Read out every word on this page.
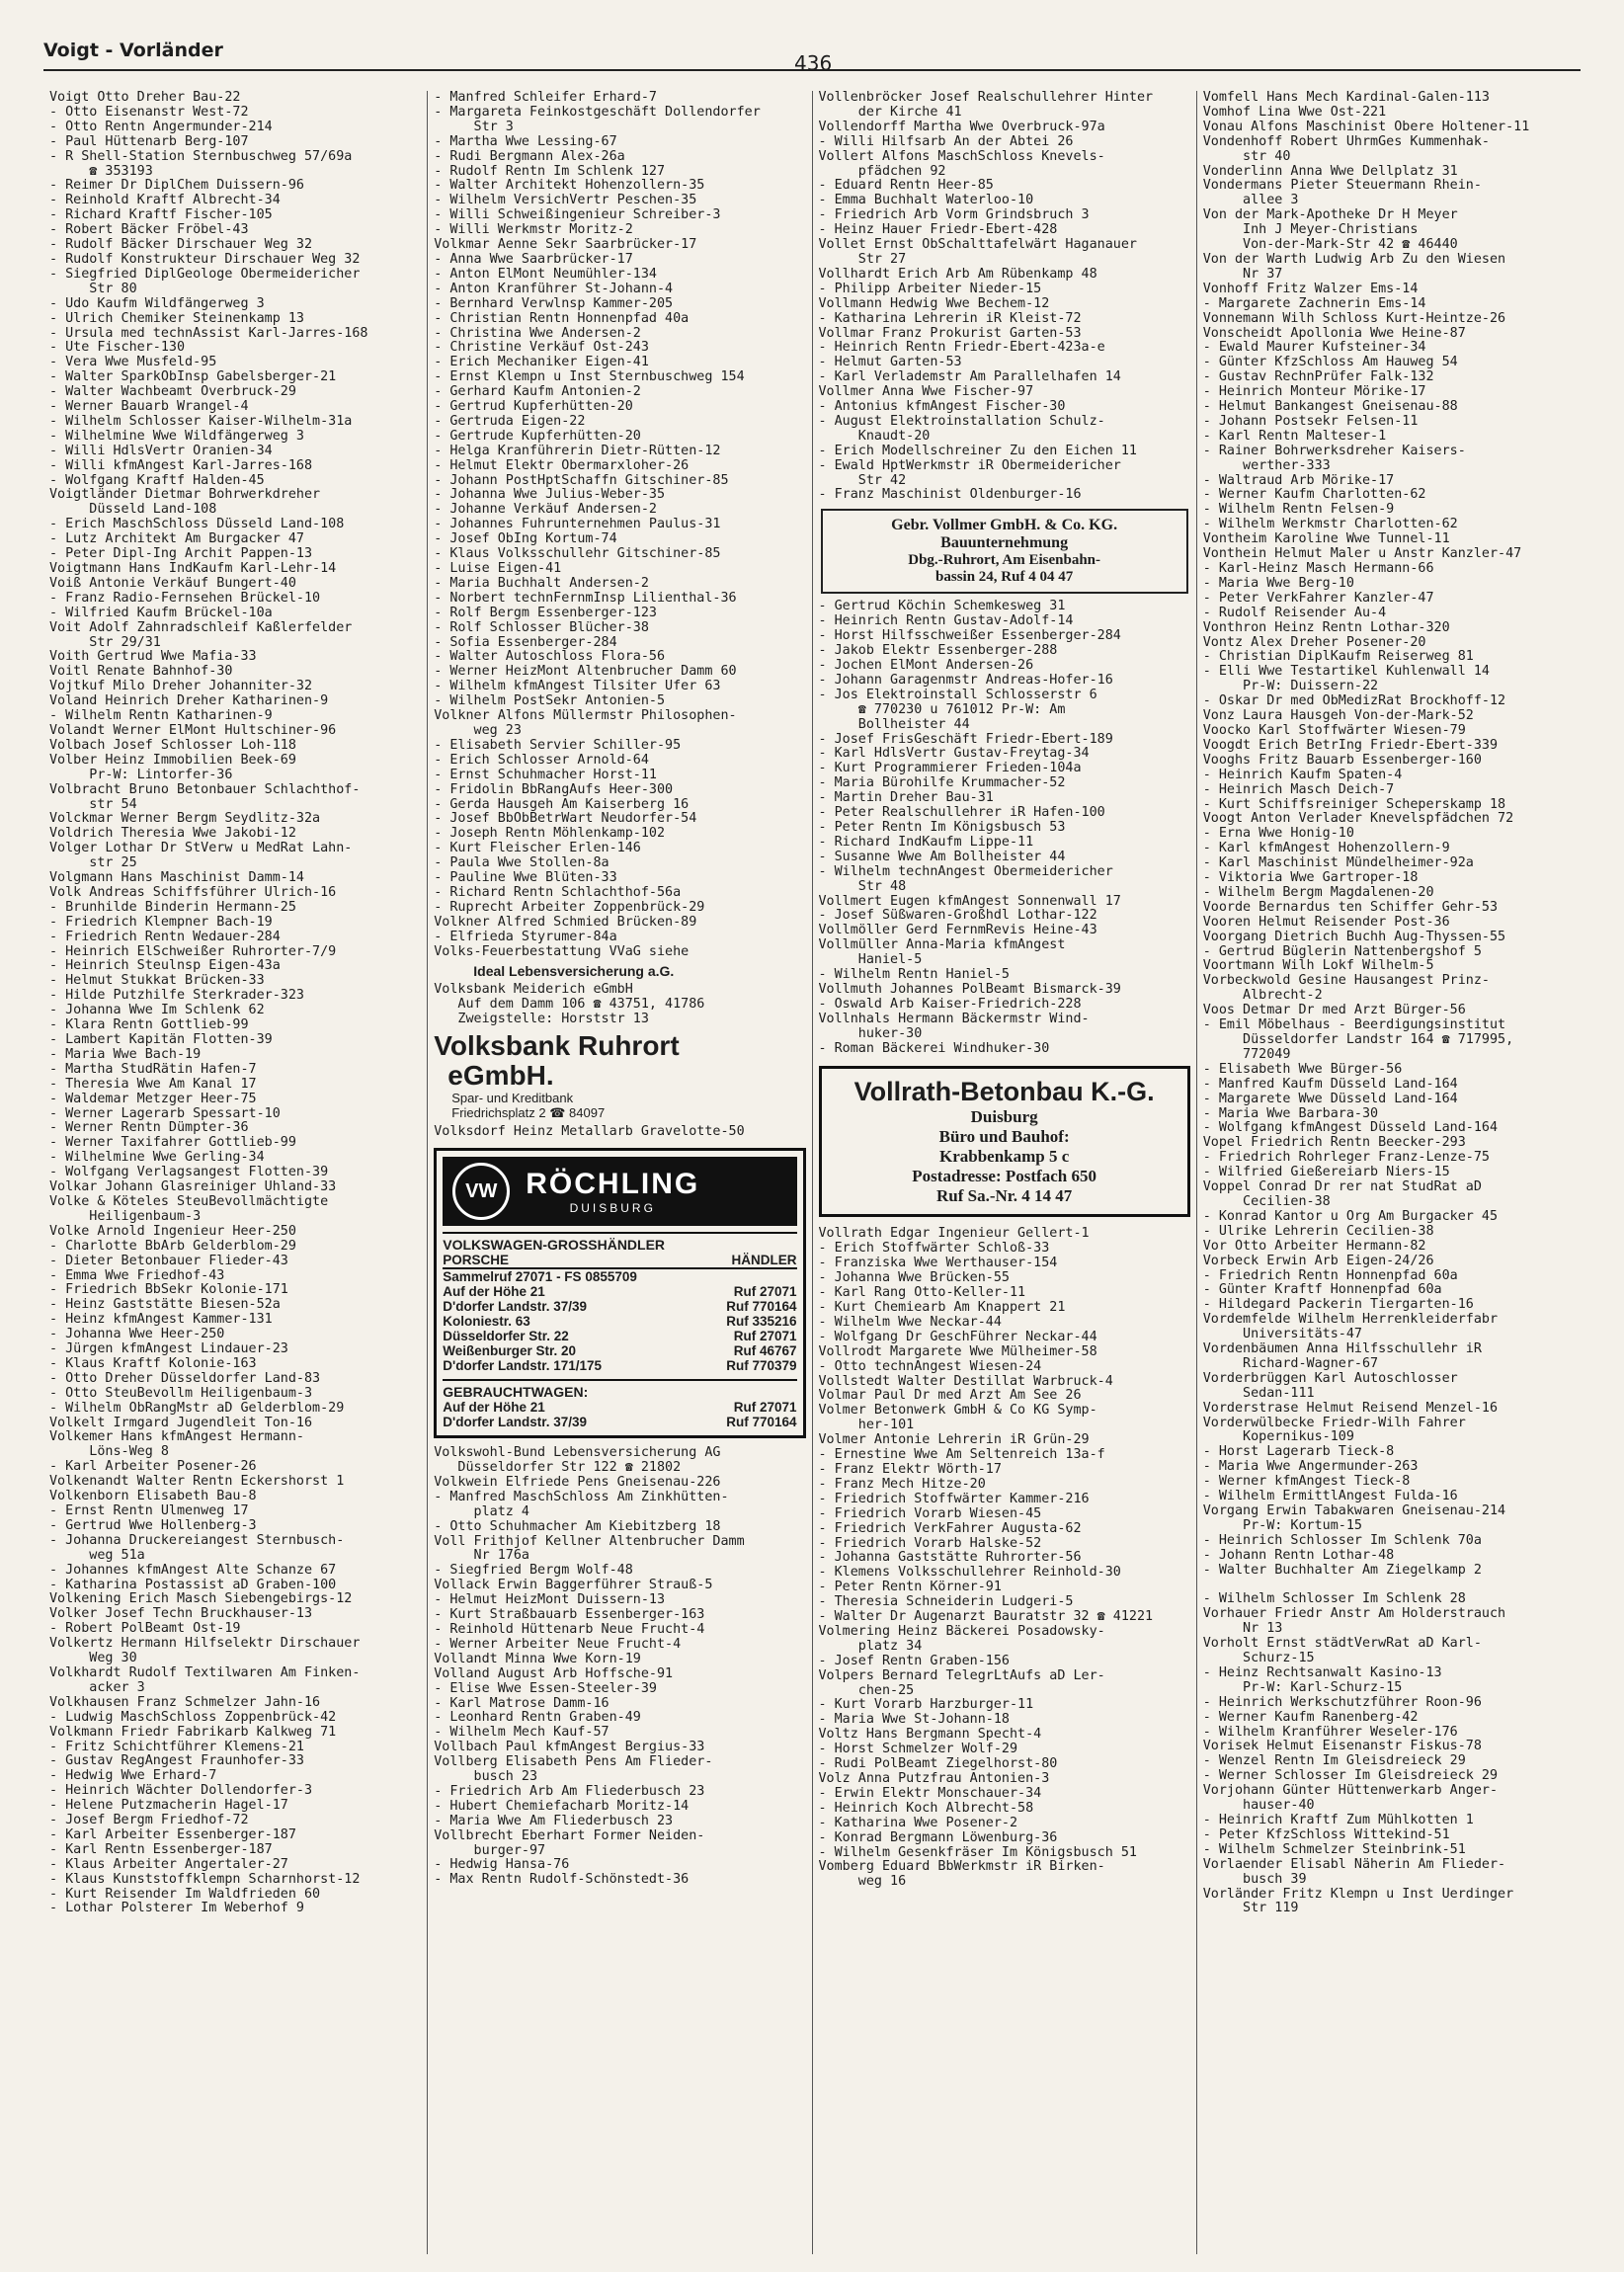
Voigt - Vorländer
436
Voigt Otto Dreher Bau-22
- Otto Eisenanstr West-72
- Otto Rentn Angermunder-214
- Paul Hüttenarb Berg-107
- R Shell-Station Sternbuschweg 57/69a
☎ 353193
- Reimer Dr DiplChem Duissern-96
- Reinhold Kraftf Albrecht-34
- Richard Kraftf Fischer-105
- Robert Bäcker Fröbel-43
- Rudolf Bäcker Dirschauer Weg 32
- Rudolf Konstrukteur Dirschauer Weg 32
- Siegfried DiplGeologe Obermeidericher
Str 80
- Udo Kaufm Wildfängerweg 3
- Ulrich Chemiker Steinenkamp 13
- Ursula med technAssist Karl-Jarres-168
- Ute Fischer-130
- Vera Wwe Musfeld-95
- Walter SparkObInsp Gabelsberger-21
- Walter Wachbeamt Overbruck-29
- Werner Bauarb Wrangel-4
- Wilhelm Schlosser Kaiser-Wilhelm-31a
- Wilhelmine Wwe Wildfängerweg 3
- Willi HdlsVertr Oranien-34
- Willi kfmAngest Karl-Jarres-168
- Wolfgang Kraftf Halden-45
Voigtländer Dietmar Bohrwerkdreher
Düsseld Land-108
- Erich MaschSchloss Düsseld Land-108
- Lutz Architekt Am Burgacker 47
- Peter Dipl-Ing Archit Pappen-13
Voigtmann Hans IndKaufm Karl-Lehr-14
Voiß Antonie Verkäuf Bungert-40
- Franz Radio-Fernsehen Brückel-10
- Wilfried Kaufm Brückel-10a
Voit Adolf Zahnradschleif Kaßlerfelder
Str 29/31
Voith Gertrud Wwe Mafia-33
Voitl Renate Bahnhof-30
Vojtkuf Milo Dreher Johanniter-32
Voland Heinrich Dreher Katharinen-9
- Wilhelm Rentn Katharinen-9
Volandt Werner ElMont Hultschiner-96
Volbach Josef Schlosser Loh-118
Volber Heinz Immobilien Beek-69
Pr-W: Lintorfer-36
Volbracht Bruno Betonbauer Schlachthof-
str 54
Volckmar Werner Bergm Seydlitz-32a
Voldrich Theresia Wwe Jakobi-12
Volger Lothar Dr StVerw u MedRat Lahn-
str 25
Volgmann Hans Maschinist Damm-14
Volk Andreas Schiffsführer Ulrich-16
- Brunhilde Binderin Hermann-25
- Friedrich Klempner Bach-19
- Friedrich Rentn Wedauer-284
- Heinrich ElSchweißer Ruhrorter-7/9
- Heinrich Steulnsp Eigen-43a
- Helmut Stukkat Brücken-33
- Hilde Putzhilfe Sterkrader-323
- Johanna Wwe Im Schlenk 62
- Klara Rentn Gottlieb-99
- Lambert Kapitän Flotten-39
- Maria Wwe Bach-19
- Martha StudRätin Hafen-7
- Theresia Wwe Am Kanal 17
- Waldemar Metzger Heer-75
- Werner Lagerarb Spessart-10
- Werner Rentn Dümpter-36
- Werner Taxifahrer Gottlieb-99
- Wilhelmine Wwe Gerling-34
- Wolfgang Verlagsangest Flotten-39
Volkar Johann Glasreiniger Uhland-33
Volke & Köteles SteuBevollmächtigte
Heiligenbaum-3
Volke Arnold Ingenieur Heer-250
- Charlotte BbArb Gelderblom-29
- Dieter Betonbauer Flieder-43
- Emma Wwe Friedhof-43
- Friedrich BbSekr Kolonie-171
- Heinz Gaststätte Biesen-52a
- Heinz kfmAngest Kammer-131
- Johanna Wwe Heer-250
- Jürgen kfmAngest Lindauer-23
- Klaus Kraftf Kolonie-163
- Otto Dreher Düsseldorfer Land-83
- Otto SteuBevollm Heiligenbaum-3
- Wilhelm ObRangMstr aD Gelderblom-29
Volkelt Irmgard Jugendleit Ton-16
Volkemer Hans kfmAngest Hermann-
Löns-Weg 8
- Karl Arbeiter Posener-26
Volkenandt Walter Rentn Eckershorst 1
Volkenborn Elisabeth Bau-8
- Ernst Rentn Ulmenweg 17
- Gertrud Wwe Hollenberg-3
- Johanna Druckereiangest Sternbusch-
weg 51a
- Johannes kfmAngest Alte Schanze 67
- Katharina Postassist aD Graben-100
Volkening Erich Masch Siebengebirgs-12
Volker Josef Techn Bruckhauser-13
- Robert PolBeamt Ost-19
Volkertz Hermann Hilfselektr Dirschauer
Weg 30
Volkhardt Rudolf Textilwaren Am Finken-
acker 3
Volkhausen Franz Schmelzer Jahn-16
- Ludwig MaschSchloss Zoppenbrück-42
Volkmann Friedr Fabrikarb Kalkweg 71
- Fritz Schichtführer Klemens-21
- Gustav RegAngest Fraunhofer-33
- Hedwig Wwe Erhard-7
- Heinrich Wächter Dollendorfer-3
- Helene Putzmacherin Hagel-17
- Josef Bergm Friedhof-72
- Karl Arbeiter Essenberger-187
- Karl Rentn Essenberger-187
- Klaus Arbeiter Angertaler-27
- Klaus Kunststoffklempn Scharnhorst-12
- Kurt Reisender Im Waldfrieden 60
- Lothar Polsterer Im Weberhof 9
- Manfred Schleifer Erhard-7
- Margareta Feinkostgeschäft Dollendorfer
Str 3
- Martha Wwe Lessing-67
- Rudi Bergmann Alex-26a
- Rudolf Rentn Im Schlenk 127
- Walter Architekt Hohenzollern-35
- Wilhelm VersichVertr Peschen-35
- Willi Schweißingenieur Schreiber-3
- Willi Werkmstr Moritz-2
Volkmar Aenne Sekr Saarbrücker-17
- Anna Wwe Saarbrücker-17
- Anton ElMont Neumühler-134
- Anton Kranführer St-Johann-4
- Bernhard Verwlnsp Kammer-205
- Christian Rentn Honnenpfad 40a
- Christina Wwe Andersen-2
- Christine Verkäuf Ost-243
- Erich Mechaniker Eigen-41
- Ernst Klempn u Inst Sternbuschweg 154
- Gerhard Kaufm Antonien-2
- Gertrud Kupferhütten-20
- Gertruda Eigen-22
- Gertrude Kupferhütten-20
- Helga Kranführerin Dietr-Rütten-12
- Helmut Elektr Obermarxloher-26
- Johann PostHptSchaffn Gitschiner-85
- Johanna Wwe Julius-Weber-35
- Johanne Verkäuf Andersen-2
- Johannes Fuhrunternehmen Paulus-31
- Josef ObIng Kortum-74
- Klaus Volksschullehr Gitschiner-85
- Luise Eigen-41
- Maria Buchhalt Andersen-2
- Norbert technFernmInsp Lilienthal-36
- Rolf Bergm Essenberger-123
- Rolf Schlosser Blücher-38
- Sofia Essenberger-284
- Walter Autoschloss Flora-56
- Werner HeizMont Altenbrucher Damm 60
- Wilhelm kfmAngest Tilsiter Ufer 63
- Wilhelm PostSekr Antonien-5
Volkner Alfons Müllermstr Philosophen-
weg 23
- Elisabeth Servier Schiller-95
- Erich Schlosser Arnold-64
- Ernst Schuhmacher Horst-11
- Fridolin BbRangAufs Heer-300
- Gerda Hausgeh Am Kaiserberg 16
- Josef BbObBetrWart Neudorfer-54
- Joseph Rentn Möhlenkamp-102
- Kurt Fleischer Erlen-146
- Paula Wwe Stollen-8a
- Pauline Wwe Blüten-33
- Richard Rentn Schlachthof-56a
- Ruprecht Arbeiter Zoppenbrück-29
Volkner Alfred Schmied Brücken-89
- Elfrieda Styrumer-84a
Volks-Feuerbestattung VVaG siehe
Ideal Lebensversicherung a.G.
Volksbank Meiderich eGmbH
Auf dem Damm 106 ☎ 43751, 41786
Zweigstelle: Horststr 13
Volksbank Ruhrort
eGmbH.
Spar- und Kreditbank
Friedrichsplatz 2 ☎ 84097
Volksdorf Heinz Metallarb Gravelotte-50
VW RÖCHLING
DUISBURG
VOLKSWAGEN-GROSSHÄNDLER
PORSCHE	HÄNDLER
Sammelruf 27071 - FS 0855709
Auf der Höhe 21	Ruf 27071
D'dorfer Landstr. 37/39	Ruf 770164
Koloniestr. 63	Ruf 335216
Düsseldorfer Str. 22	Ruf 27071
Weißenburger Str. 20	Ruf 46767
D'dorfer Landstr. 171/175	Ruf 770379
GEBRAUCHTWAGEN:
Auf der Höhe 21	Ruf 27071
D'dorfer Landstr. 37/39	Ruf 770164
Volkswohl-Bund Lebensversicherung AG
Düsseldorfer Str 122 ☎ 21802
Volkwein Elfriede Pens Gneisenau-226
- Manfred MaschSchloss Am Zinkhütten-
platz 4
- Otto Schuhmacher Am Kiebitzberg 18
Voll Frithjof Kellner Altenbrucher Damm
Nr 176a
- Siegfried Bergm Wolf-48
Vollack Erwin Baggerführer Strauß-5
- Helmut HeizMont Duissern-13
- Kurt Straßbauarb Essenberger-163
- Reinhold Hüttenarb Neue Frucht-4
- Werner Arbeiter Neue Frucht-4
Vollandt Minna Wwe Korn-19
Volland August Arb Hoffsche-91
- Elise Wwe Essen-Steeler-39
- Karl Matrose Damm-16
- Leonhard Rentn Graben-49
- Wilhelm Mech Kauf-57
Vollbach Paul kfmAngest Bergius-33
Vollberg Elisabeth Pens Am Flieder-
busch 23
- Friedrich Arb Am Fliederbusch 23
- Hubert Chemiefacharb Moritz-14
- Maria Wwe Am Fliederbusch 23
Vollbrecht Eberhart Former Neiden-
burger-97
- Hedwig Hansa-76
- Max Rentn Rudolf-Schönstedt-36
Vollenbröcker Josef Realschullehrer Hinter
der Kirche 41
Vollendorff Martha Wwe Overbruck-97a
- Willi Hilfsarb An der Abtei 26
Vollert Alfons MaschSchloss Knevels-
pfädchen 92
- Eduard Rentn Heer-85
- Emma Buchhalt Waterloo-10
- Friedrich Arb Vorm Grindsbruch 3
- Heinz Hauer Friedr-Ebert-428
Vollet Ernst ObSchalttafelwärt Haganauer
Str 27
Vollhardt Erich Arb Am Rübenkamp 48
- Philipp Arbeiter Nieder-15
Vollmann Hedwig Wwe Bechem-12
- Katharina Lehrerin iR Kleist-72
Vollmar Franz Prokurist Garten-53
- Heinrich Rentn Friedr-Ebert-423a-e
- Helmut Garten-53
- Karl Verlademstr Am Parallelhafen 14
Vollmer Anna Wwe Fischer-97
- Antonius kfmAngest Fischer-30
- August Elektroinstallation Schulz-
Knaudt-20
- Erich Modellschreiner Zu den Eichen 11
- Ewald HptWerkmstr iR Obermeidericher
Str 42
- Franz Maschinist Oldenburger-16
Gebr. Vollmer GmbH. & Co. KG.
Bauunternehmung
Dbg.-Ruhrort, Am Eisenbahn-
bassin 24, Ruf 4 04 47
- Gertrud Köchin Schemkesweg 31
- Heinrich Rentn Gustav-Adolf-14
- Horst Hilfsschweißer Essenberger-284
- Jakob Elektr Essenberger-288
- Jochen ElMont Andersen-26
- Johann Garagenmstr Andreas-Hofer-16
- Jos Elektroinstall Schlosserstr 6
☎ 770230 u 761012 Pr-W: Am
Bollheister 44
- Josef FrisGeschäft Friedr-Ebert-189
- Karl HdlsVertr Gustav-Freytag-34
- Kurt Programmierer Frieden-104a
- Maria Bürohilfe Krummacher-52
- Martin Dreher Bau-31
- Peter Realschullehrer iR Hafen-100
- Peter Rentn Im Königsbusch 53
- Richard IndKaufm Lippe-11
- Susanne Wwe Am Bollheister 44
- Wilhelm technAngest Obermeidericher
Str 48
Vollmert Eugen kfmAngest Sonnenwall 17
- Josef Süßwaren-Großhdl Lothar-122
Vollmöller Gerd FernmRevis Heine-43
Vollmüller Anna-Maria kfmAngest
Haniel-5
- Wilhelm Rentn Haniel-5
Vollmuth Johannes PolBeamt Bismarck-39
- Oswald Arb Kaiser-Friedrich-228
Vollnhals Hermann Bäckermstr Wind-
huker-30
- Roman Bäckerei Windhuker-30
Vollrath-Betonbau K.-G.
Duisburg
Büro und Bauhof:
Krabbenkamp 5 c
Postadresse: Postfach 650
Ruf Sa.-Nr. 4 14 47
Vollrath Edgar Ingenieur Gellert-1
- Erich Stoffwärter Schloß-33
- Franziska Wwe Werthauser-154
- Johanna Wwe Brücken-55
- Karl Rang Otto-Keller-11
- Kurt Chemiearb Am Knappert 21
- Wilhelm Wwe Neckar-44
- Wolfgang Dr GeschFührer Neckar-44
Vollrodt Margarete Wwe Mülheimer-58
- Otto technAngest Wiesen-24
Vollstedt Walter Destillat Warbruck-4
Volmar Paul Dr med Arzt Am See 26
Volmer Betonwerk GmbH & Co KG Symp-
her-101
Volmer Antonie Lehrerin iR Grün-29
- Ernestine Wwe Am Seltenreich 13a-f
- Franz Elektr Wörth-17
- Franz Mech Hitze-20
- Friedrich Stoffwärter Kammer-216
- Friedrich Vorarb Wiesen-45
- Friedrich VerkFahrer Augusta-62
- Friedrich Vorarb Halske-52
- Johanna Gaststätte Ruhrorter-56
- Klemens Volksschullehrer Reinhold-30
- Peter Rentn Körner-91
- Theresia Schneiderin Ludgeri-5
- Walter Dr Augenarzt Bauratstr 32 ☎ 41221
Volmering Heinz Bäckerei Posadowsky-
platz 34
- Josef Rentn Graben-156
Volpers Bernard TelegrLtAufs aD Ler-
chen-25
- Kurt Vorarb Harzburger-11
- Maria Wwe St-Johann-18
Voltz Hans Bergmann Specht-4
- Horst Schmelzer Wolf-29
- Rudi PolBeamt Ziegelhorst-80
Volz Anna Putzfrau Antonien-3
- Erwin Elektr Monschauer-34
- Heinrich Koch Albrecht-58
- Katharina Wwe Posener-2
- Konrad Bergmann Löwenburg-36
- Wilhelm Gesenkfräser Im Königsbusch 51
Vomberg Eduard BbWerkmstr iR Birken-
weg 16
Vomfell Hans Mech Kardinal-Galen-113
Vomhof Lina Wwe Ost-221
Vonau Alfons Maschinist Obere Holtener-11
Vondenhoff Robert UhrmGes Kummenhak-
str 40
Vonderlinn Anna Wwe Dellplatz 31
Vondermans Pieter Steuermann Rhein-
allee 3
Von der Mark-Apotheke Dr H Meyer
Inh J Meyer-Christians
Von-der-Mark-Str 42 ☎ 46440
Von der Warth Ludwig Arb Zu den Wiesen
Nr 37
Vonhoff Fritz Walzer Ems-14
- Margarete Zachnerin Ems-14
Vonnemann Wilh Schloss Kurt-Heintze-26
Vonscheidt Apollonia Wwe Heine-87
- Ewald Maurer Kufsteiner-34
- Günter KfzSchloss Am Hauweg 54
- Gustav RechnPrüfer Falk-132
- Heinrich Monteur Mörike-17
- Helmut Bankangest Gneisenau-88
- Johann Postsekr Felsen-11
- Karl Rentn Malteser-1
- Rainer Bohrwerksdreher Kaisers-
werther-333
- Waltraud Arb Mörike-17
- Werner Kaufm Charlotten-62
- Wilhelm Rentn Felsen-9
- Wilhelm Werkmstr Charlotten-62
Vontheim Karoline Wwe Tunnel-11
Vonthein Helmut Maler u Anstr Kanzler-47
- Karl-Heinz Masch Hermann-66
- Maria Wwe Berg-10
- Peter VerkFahrer Kanzler-47
- Rudolf Reisender Au-4
Vonthron Heinz Rentn Lothar-320
Vontz Alex Dreher Posener-20
- Christian DiplKaufm Reiserweg 81
- Elli Wwe Testartikel Kuhlenwall 14
Pr-W: Duissern-22
- Oskar Dr med ObMedizRat Brockhoff-12
Vonz Laura Hausgeh Von-der-Mark-52
Voocko Karl Stoffwärter Wiesen-79
Voogdt Erich BetrIng Friedr-Ebert-339
Vooghs Fritz Bauarb Essenberger-160
- Heinrich Kaufm Spaten-4
- Heinrich Masch Deich-7
- Kurt Schiffsreiniger Scheperskamp 18
Voogt Anton Verlader Knevelspfädchen 72
- Erna Wwe Honig-10
- Karl kfmAngest Hohenzollern-9
- Karl Maschinist Mündelheimer-92a
- Viktoria Wwe Gartroper-18
- Wilhelm Bergm Magdalenen-20
Voorde Bernardus ten Schiffer Gehr-53
Vooren Helmut Reisender Post-36
Voorgang Dietrich Buchh Aug-Thyssen-55
- Gertrud Büglerin Nattenbergshof 5
Voortmann Wilh Lokf Wilhelm-5
Vorbeckwold Gesine Hausangest Prinz-
Albrecht-2
Voos Detmar Dr med Arzt Bürger-56
- Emil Möbelhaus - Beerdigungsinstitut
Düsseldorfer Landstr 164 ☎ 717995,
772049
- Elisabeth Wwe Bürger-56
- Manfred Kaufm Düsseld Land-164
- Margarete Wwe Düsseld Land-164
- Maria Wwe Barbara-30
- Wolfgang kfmAngest Düsseld Land-164
Vopel Friedrich Rentn Beecker-293
- Friedrich Rohrleger Franz-Lenze-75
- Wilfried Gießereiarb Niers-15
Voppel Conrad Dr rer nat StudRat aD
Cecilien-38
- Konrad Kantor u Org Am Burgacker 45
- Ulrike Lehrerin Cecilien-38
Vor Otto Arbeiter Hermann-82
Vorbeck Erwin Arb Eigen-24/26
- Friedrich Rentn Honnenpfad 60a
- Günter Kraftf Honnenpfad 60a
- Hildegard Packerin Tiergarten-16
Vordemfelde Wilhelm Herrenkleiderfabr
Universitäts-47
Vordenbäumen Anna Hilfsschullehr iR
Richard-Wagner-67
Vorderbrüggen Karl Autoschlosser
Sedan-111
Vorderstrase Helmut Reisend Menzel-16
Vorderwülbecke Friedr-Wilh Fahrer
Kopernikus-109
- Horst Lagerarb Tieck-8
- Maria Wwe Angermunder-263
- Werner kfmAngest Tieck-8
- Wilhelm ErmittlAngest Fulda-16
Vorgang Erwin Tabakwaren Gneisenau-214
Pr-W: Kortum-15
- Heinrich Schlosser Im Schlenk 70a
- Johann Rentn Lothar-48
- Walter Buchhalter Am Ziegelkamp 2
- Wilhelm Schlosser Im Schlenk 28
Vorhauer Friedr Anstr Am Holderstrauch
Nr 13
Vorholt Ernst städtVerwRat aD Karl-
Schurz-15
- Heinz Rechtsanwalt Kasino-13
Pr-W: Karl-Schurz-15
- Heinrich Werkschutzführer Roon-96
- Werner Kaufm Ranenberg-42
- Wilhelm Kranführer Weseler-176
Vorisek Helmut Eisenanstr Fiskus-78
- Wenzel Rentn Im Gleisdreieck 29
- Werner Schlosser Im Gleisdreieck 29
Vorjohann Günter Hüttenwerkarb Anger-
hauser-40
- Heinrich Kraftf Zum Mühlkotten 1
- Peter KfzSchloss Wittekind-51
- Wilhelm Schmelzer Steinbrink-51
Vorlaender Elisabl Näherin Am Flieder-
busch 39
Vorländer Fritz Klempn u Inst Uerdinger
Str 119
